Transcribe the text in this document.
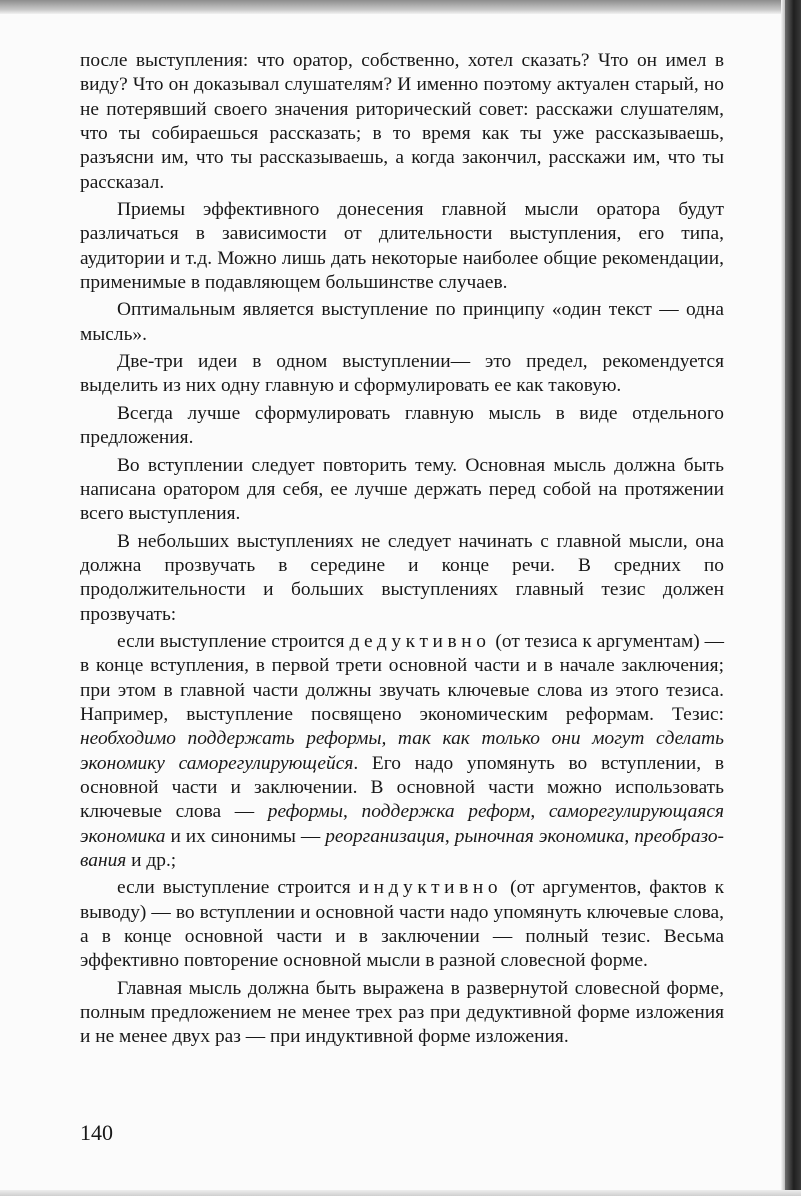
после выступления: что оратор, собственно, хотел сказать? Что он имел в виду? Что он доказывал слушателям? И именно поэтому актуален старый, но не потерявший своего значения риторический совет: расскажи слушателям, что ты собираешься рассказать; в то время как ты уже рассказываешь, разъясни им, что ты рассказываешь, а когда закончил, расскажи им, что ты рассказал.

Приемы эффективного донесения главной мысли оратора будут различаться в зависимости от длительности выступления, его типа, аудитории и т.д. Можно лишь дать некоторые наиболее общие рекомендации, применимые в подавляющем большинстве случаев.

Оптимальным является выступление по принципу «один текст — одна мысль».

Две-три идеи в одном выступлении— это предел, рекомендуется выделить из них одну главную и сформулировать ее как таковую.

Всегда лучше сформулировать главную мысль в виде отдельного предложения.

Во вступлении следует повторить тему. Основная мысль должна быть написана оратором для себя, ее лучше держать перед собой на протяжении всего выступления.

В небольших выступлениях не следует начинать с главной мысли, она должна прозвучать в середине и конце речи. В средних по продолжительности и больших выступлениях главный тезис должен прозвучать:

если выступление строится дедуктивно (от тезиса к аргументам) — в конце вступления, в первой трети основной части и в начале заключения; при этом в главной части должны звучать ключевые слова из этого тезиса. Например, выступление посвящено экономическим реформам. Тезис: необходимо поддержать реформы, так как только они могут сделать экономику саморегулирующейся. Его надо упомянуть во вступлении, в основной части и заключении. В основной части можно использовать ключевые слова — реформы, поддержка реформ, саморегулирующаяся экономика и их синонимы — реорганизация, рыночная экономика, преобразования и др.;

если выступление строится индуктивно (от аргументов, фактов к выводу) — во вступлении и основной части надо упомянуть ключевые слова, а в конце основной части и в заключении — полный тезис. Весьма эффективно повторение основной мысли в разной словесной форме.

Главная мысль должна быть выражена в развернутой словесной форме, полным предложением не менее трех раз при дедуктивной форме изложения и не менее двух раз — при индуктивной форме изложения.

140
